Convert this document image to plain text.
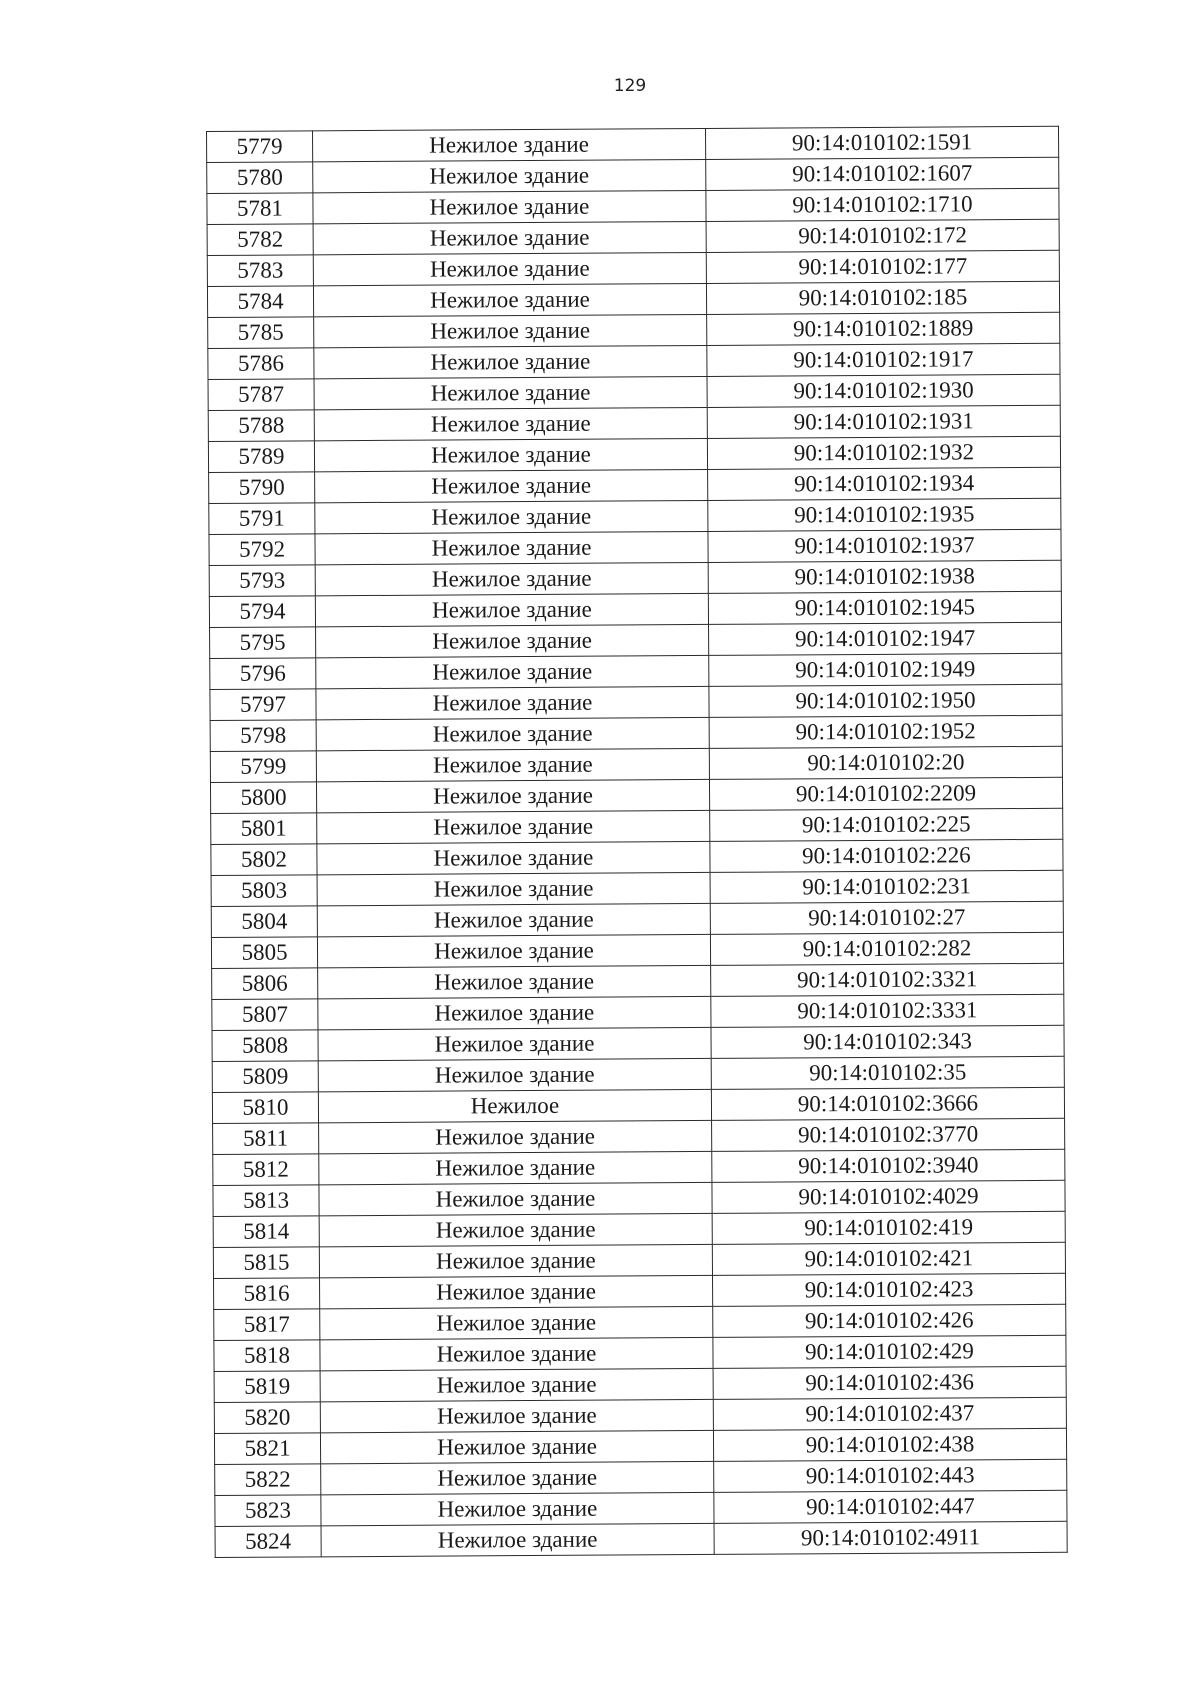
129
5779	Нежилое здание	90:14:010102:1591
5780	Нежилое здание	90:14:010102:1607
5781	Нежилое здание	90:14:010102:1710
5782	Нежилое здание	90:14:010102:172
5783	Нежилое здание	90:14:010102:177
5784	Нежилое здание	90:14:010102:185
5785	Нежилое здание	90:14:010102:1889
5786	Нежилое здание	90:14:010102:1917
5787	Нежилое здание	90:14:010102:1930
5788	Нежилое здание	90:14:010102:1931
5789	Нежилое здание	90:14:010102:1932
5790	Нежилое здание	90:14:010102:1934
5791	Нежилое здание	90:14:010102:1935
5792	Нежилое здание	90:14:010102:1937
5793	Нежилое здание	90:14:010102:1938
5794	Нежилое здание	90:14:010102:1945
5795	Нежилое здание	90:14:010102:1947
5796	Нежилое здание	90:14:010102:1949
5797	Нежилое здание	90:14:010102:1950
5798	Нежилое здание	90:14:010102:1952
5799	Нежилое здание	90:14:010102:20
5800	Нежилое здание	90:14:010102:2209
5801	Нежилое здание	90:14:010102:225
5802	Нежилое здание	90:14:010102:226
5803	Нежилое здание	90:14:010102:231
5804	Нежилое здание	90:14:010102:27
5805	Нежилое здание	90:14:010102:282
5806	Нежилое здание	90:14:010102:3321
5807	Нежилое здание	90:14:010102:3331
5808	Нежилое здание	90:14:010102:343
5809	Нежилое здание	90:14:010102:35
5810	Нежилое	90:14:010102:3666
5811	Нежилое здание	90:14:010102:3770
5812	Нежилое здание	90:14:010102:3940
5813	Нежилое здание	90:14:010102:4029
5814	Нежилое здание	90:14:010102:419
5815	Нежилое здание	90:14:010102:421
5816	Нежилое здание	90:14:010102:423
5817	Нежилое здание	90:14:010102:426
5818	Нежилое здание	90:14:010102:429
5819	Нежилое здание	90:14:010102:436
5820	Нежилое здание	90:14:010102:437
5821	Нежилое здание	90:14:010102:438
5822	Нежилое здание	90:14:010102:443
5823	Нежилое здание	90:14:010102:447
5824	Нежилое здание	90:14:010102:4911
